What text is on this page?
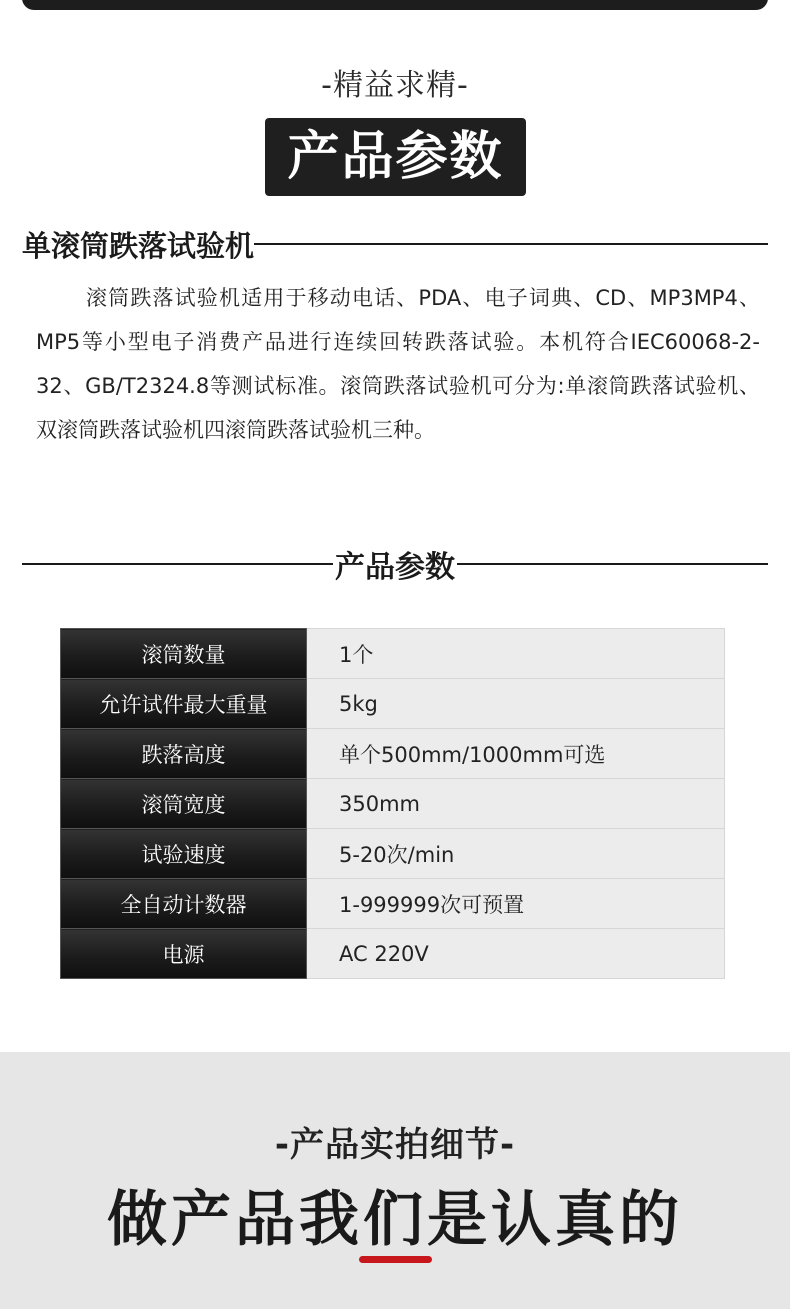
-精益求精-
产品参数
单滚筒跌落试验机

滚筒跌落试验机适用于移动电话、PDA、电子词典、CD、MP3MP4、MP5等小型电子消费产品进行连续回转跌落试验。本机符合IEC60068-2-32、GB/T2324.8等测试标准。滚筒跌落试验机可分为:单滚筒跌落试验机、双滚筒跌落试验机四滚筒跌落试验机三种。

产品参数
滚筒数量	1个
允许试件最大重量	5kg
跌落高度	单个500mm/1000mm可选
滚筒宽度	350mm
试验速度	5-20次/min
全自动计数器	1-999999次可预置
电源	AC 220V
-产品实拍细节-
做产品我们是认真的
